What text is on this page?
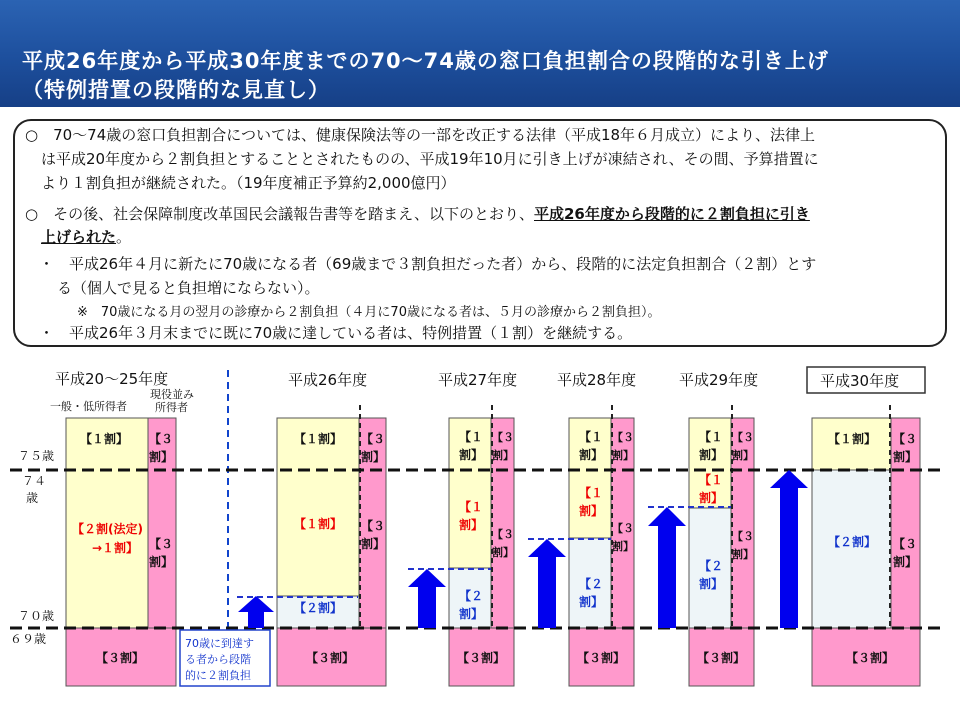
平成26年度から平成30年度までの70～74歳の窓口負担割合の段階的な引き上げ
（特例措置の段階的な見直し）
○　70～74歳の窓口負担割合については、健康保険法等の一部を改正する法律（平成18年６月成立）により、法律上
は平成20年度から２割負担とすることとされたものの、平成19年10月に引き上げが凍結され、その間、予算措置に
より１割負担が継続された。（19年度補正予算約2,000億円）
○　その後、社会保障制度改革国民会議報告書等を踏まえ、以下のとおり、平成26年度から段階的に２割負担に引き
上げられた。
・　平成26年４月に新たに70歳になる者（69歳まで３割負担だった者）から、段階的に法定負担割合（２割）とす
る（個人で見ると負担増にならない）。
※　70歳になる月の翌月の診療から２割負担（４月に70歳になる者は、５月の診療から２割負担）。
・　平成26年３月末までに既に70歳に達している者は、特例措置（１割）を継続する。
７５歳
７４
歳
７０歳
６９歳
平成20～25年度
一般・低所得者
現役並み
所得者
平成26年度	平成27年度	平成28年度	平成29年度	平成30年度
【１割】
【２割(法定)
→１割】
【３
割】
【３
割】
【３割】
【１割】
【１割】
【２割】
【３
割】
【３
割】
【３割】
【１
割】
【１
割】
【２
割】
【３
割】
【３
割】
【３割】
【１
割】
【１
割】
【２
割】
【３
割】
【３
割】
【３割】
【１
割】
【１
割】
【２
割】
【３
割】
【３
割】
【３割】
【１割】
【２割】
【３
割】
【３
割】
【３割】
70歳に到達す
る者から段階
的に２割負担
